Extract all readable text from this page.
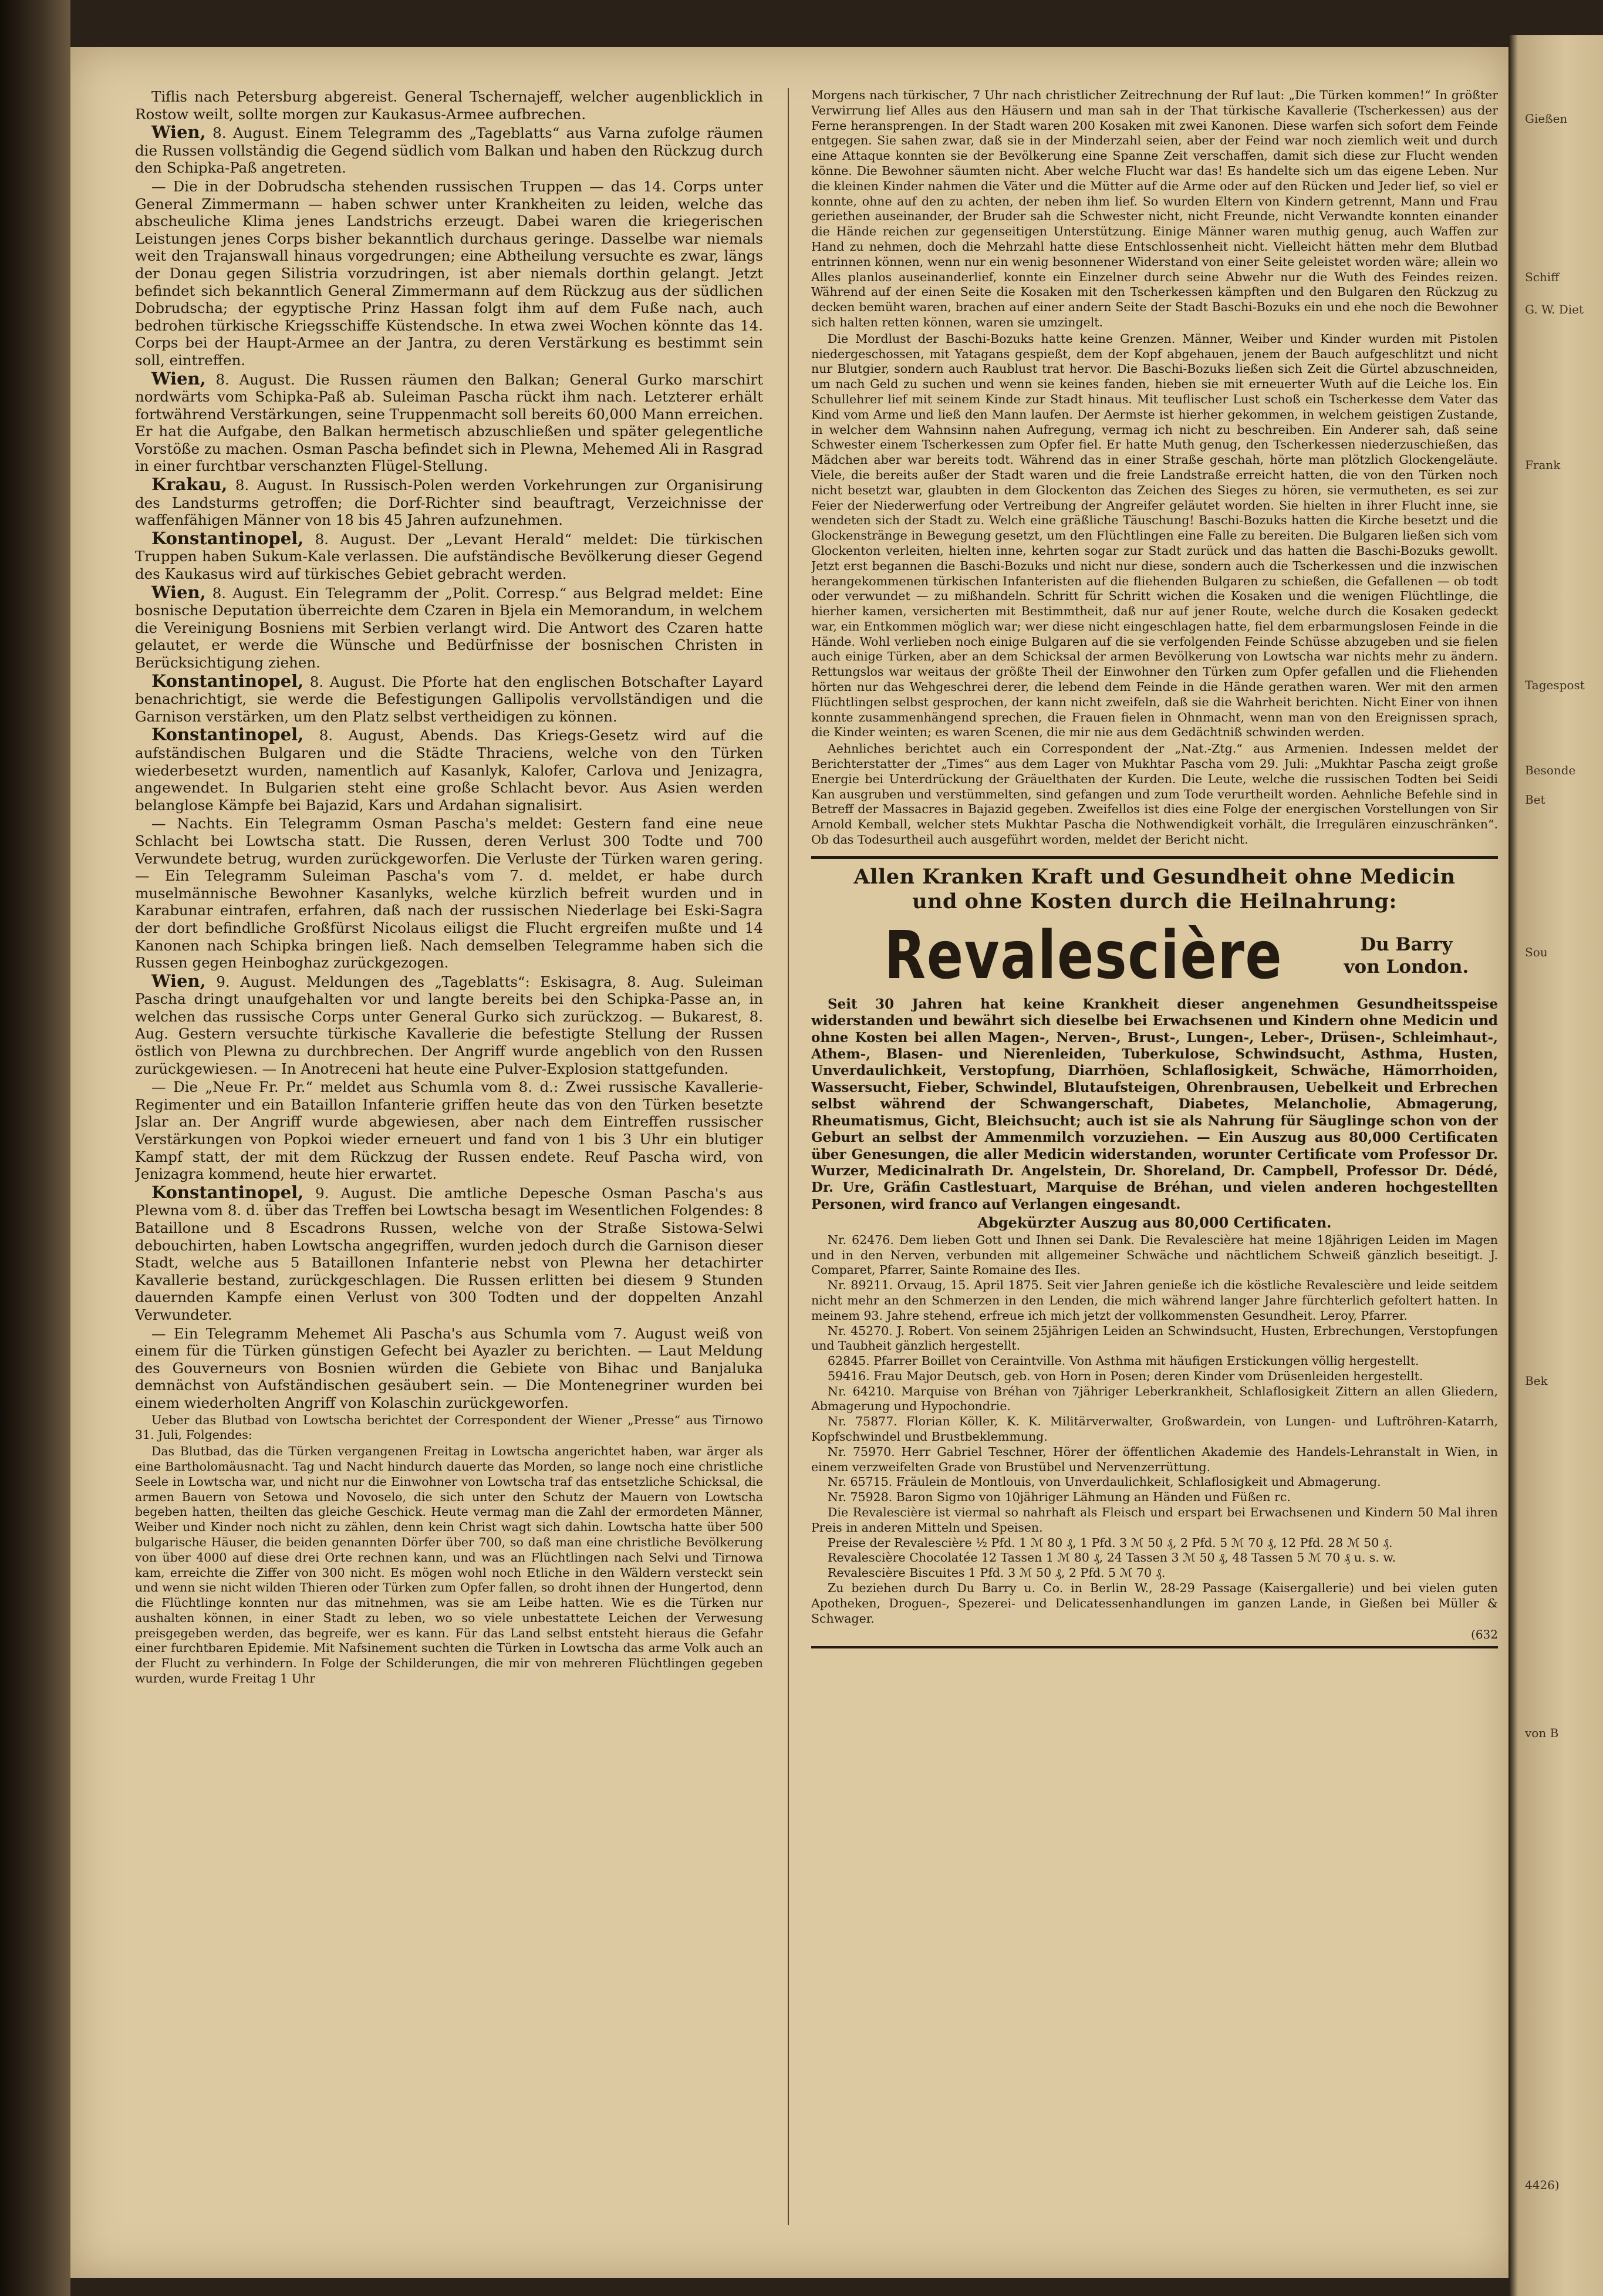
Tiflis nach Petersburg abgereist. General Tschernajeff, welcher augenblicklich in Rostow weilt, sollte morgen zur Kaukasus-Armee aufbrechen.

Wien, 8. August. Einem Telegramm des „Tageblatts“ aus Varna zufolge räumen die Russen vollständig die Gegend südlich vom Balkan und haben den Rückzug durch den Schipka-Paß angetreten.

— Die in der Dobrudscha stehenden russischen Truppen — das 14. Corps unter General Zimmermann — haben schwer unter Krankheiten zu leiden, welche das abscheuliche Klima jenes Landstrichs erzeugt. Dabei waren die kriegerischen Leistungen jenes Corps bisher bekanntlich durchaus geringe. Dasselbe war niemals weit den Trajanswall hinaus vorgedrungen; eine Abtheilung versuchte es zwar, längs der Donau gegen Silistria vorzudringen, ist aber niemals dorthin gelangt. Jetzt befindet sich bekanntlich General Zimmermann auf dem Rückzug aus der südlichen Dobrudscha; der egyptische Prinz Hassan folgt ihm auf dem Fuße nach, auch bedrohen türkische Kriegsschiffe Küstendsche. In etwa zwei Wochen könnte das 14. Corps bei der Haupt-Armee an der Jantra, zu deren Verstärkung es bestimmt sein soll, eintreffen.

Wien, 8. August. Die Russen räumen den Balkan; General Gurko marschirt nordwärts vom Schipka-Paß ab. Suleiman Pascha rückt ihm nach. Letzterer erhält fortwährend Verstärkungen, seine Truppenmacht soll bereits 60,000 Mann erreichen. Er hat die Aufgabe, den Balkan hermetisch abzuschließen und später gelegentliche Vorstöße zu machen. Osman Pascha befindet sich in Plewna, Mehemed Ali in Rasgrad in einer furchtbar verschanzten Flügel-Stellung.

Krakau, 8. August. In Russisch-Polen werden Vorkehrungen zur Organisirung des Landsturms getroffen; die Dorf-Richter sind beauftragt, Verzeichnisse der waffenfähigen Männer von 18 bis 45 Jahren aufzunehmen.

Konstantinopel, 8. August. Der „Levant Herald“ meldet: Die türkischen Truppen haben Sukum-Kale verlassen. Die aufständische Bevölkerung dieser Gegend des Kaukasus wird auf türkisches Gebiet gebracht werden.

Wien, 8. August. Ein Telegramm der „Polit. Corresp.“ aus Belgrad meldet: Eine bosnische Deputation überreichte dem Czaren in Bjela ein Memorandum, in welchem die Vereinigung Bosniens mit Serbien verlangt wird. Die Antwort des Czaren hatte gelautet, er werde die Wünsche und Bedürfnisse der bosnischen Christen in Berücksichtigung ziehen.

Konstantinopel, 8. August. Die Pforte hat den englischen Botschafter Layard benachrichtigt, sie werde die Befestigungen Gallipolis vervollständigen und die Garnison verstärken, um den Platz selbst vertheidigen zu können.

Konstantinopel, 8. August, Abends. Das Kriegs-Gesetz wird auf die aufständischen Bulgaren und die Städte Thraciens, welche von den Türken wiederbesetzt wurden, namentlich auf Kasanlyk, Kalofer, Carlova und Jenizagra, angewendet. In Bulgarien steht eine große Schlacht bevor. Aus Asien werden belanglose Kämpfe bei Bajazid, Kars und Ardahan signalisirt.

— Nachts. Ein Telegramm Osman Pascha's meldet: Gestern fand eine neue Schlacht bei Lowtscha statt. Die Russen, deren Verlust 300 Todte und 700 Verwundete betrug, wurden zurückgeworfen. Die Verluste der Türken waren gering. — Ein Telegramm Suleiman Pascha's vom 7. d. meldet, er habe durch muselmännische Bewohner Kasanlyks, welche kürzlich befreit wurden und in Karabunar eintrafen, erfahren, daß nach der russischen Niederlage bei Eski-Sagra der dort befindliche Großfürst Nicolaus eiligst die Flucht ergreifen mußte und 14 Kanonen nach Schipka bringen ließ. Nach demselben Telegramme haben sich die Russen gegen Heinboghaz zurückgezogen.

Wien, 9. August. Meldungen des „Tageblatts“: Eskisagra, 8. Aug. Suleiman Pascha dringt unaufgehalten vor und langte bereits bei den Schipka-Passe an, in welchen das russische Corps unter General Gurko sich zurückzog. — Bukarest, 8. Aug. Gestern versuchte türkische Kavallerie die befestigte Stellung der Russen östlich von Plewna zu durchbrechen. Der Angriff wurde angeblich von den Russen zurückgewiesen. — In Anotreceni hat heute eine Pulver-Explosion stattgefunden.

— Die „Neue Fr. Pr.“ meldet aus Schumla vom 8. d.: Zwei russische Kavallerie-Regimenter und ein Bataillon Infanterie griffen heute das von den Türken besetzte Jslar an. Der Angriff wurde abgewiesen, aber nach dem Eintreffen russischer Verstärkungen von Popkoi wieder erneuert und fand von 1 bis 3 Uhr ein blutiger Kampf statt, der mit dem Rückzug der Russen endete. Reuf Pascha wird, von Jenizagra kommend, heute hier erwartet.

Konstantinopel, 9. August. Die amtliche Depesche Osman Pascha's aus Plewna vom 8. d. über das Treffen bei Lowtscha besagt im Wesentlichen Folgendes: 8 Bataillone und 8 Escadrons Russen, welche von der Straße Sistowa-Selwi debouchirten, haben Lowtscha angegriffen, wurden jedoch durch die Garnison dieser Stadt, welche aus 5 Bataillonen Infanterie nebst von Plewna her detachirter Kavallerie bestand, zurückgeschlagen. Die Russen erlitten bei diesem 9 Stunden dauernden Kampfe einen Verlust von 300 Todten und der doppelten Anzahl Verwundeter.

— Ein Telegramm Mehemet Ali Pascha's aus Schumla vom 7. August weiß von einem für die Türken günstigen Gefecht bei Ayazler zu berichten. — Laut Meldung des Gouverneurs von Bosnien würden die Gebiete von Bihac und Banjaluka demnächst von Aufständischen gesäubert sein. — Die Montenegriner wurden bei einem wiederholten Angriff von Kolaschin zurückgeworfen.

Ueber das Blutbad von Lowtscha berichtet der Correspondent der Wiener „Presse“ aus Tirnowo 31. Juli, Folgendes:

Das Blutbad, das die Türken vergangenen Freitag in Lowtscha angerichtet haben, war ärger als eine Bartholomäusnacht. Tag und Nacht hindurch dauerte das Morden, so lange noch eine christliche Seele in Lowtscha war, und nicht nur die Einwohner von Lowtscha traf das entsetzliche Schicksal, die armen Bauern von Setowa und Novoselo, die sich unter den Schutz der Mauern von Lowtscha begeben hatten, theilten das gleiche Geschick. Heute vermag man die Zahl der ermordeten Männer, Weiber und Kinder noch nicht zu zählen, denn kein Christ wagt sich dahin. Lowtscha hatte über 500 bulgarische Häuser, die beiden genannten Dörfer über 700, so daß man eine christliche Bevölkerung von über 4000 auf diese drei Orte rechnen kann, und was an Flüchtlingen nach Selvi und Tirnowa kam, erreichte die Ziffer von 300 nicht. Es mögen wohl noch Etliche in den Wäldern versteckt sein und wenn sie nicht wilden Thieren oder Türken zum Opfer fallen, so droht ihnen der Hungertod, denn die Flüchtlinge konnten nur das mitnehmen, was sie am Leibe hatten. Wie es die Türken nur aushalten können, in einer Stadt zu leben, wo so viele unbestattete Leichen der Verwesung preisgegeben werden, das begreife, wer es kann. Für das Land selbst entsteht hieraus die Gefahr einer furchtbaren Epidemie. Mit Nafsinement suchten die Türken in Lowtscha das arme Volk auch an der Flucht zu verhindern. In Folge der Schilderungen, die mir von mehreren Flüchtlingen gegeben wurden, wurde Freitag 1 Uhr

Morgens nach türkischer, 7 Uhr nach christlicher Zeitrechnung der Ruf laut: „Die Türken kommen!“ In größter Verwirrung lief Alles aus den Häusern und man sah in der That türkische Kavallerie (Tscherkessen) aus der Ferne heransprengen. In der Stadt waren 200 Kosaken mit zwei Kanonen. Diese warfen sich sofort dem Feinde entgegen. Sie sahen zwar, daß sie in der Minderzahl seien, aber der Feind war noch ziemlich weit und durch eine Attaque konnten sie der Bevölkerung eine Spanne Zeit verschaffen, damit sich diese zur Flucht wenden könne. Die Bewohner säumten nicht. Aber welche Flucht war das! Es handelte sich um das eigene Leben. Nur die kleinen Kinder nahmen die Väter und die Mütter auf die Arme oder auf den Rücken und Jeder lief, so viel er konnte, ohne auf den zu achten, der neben ihm lief. So wurden Eltern von Kindern getrennt, Mann und Frau geriethen auseinander, der Bruder sah die Schwester nicht, nicht Freunde, nicht Verwandte konnten einander die Hände reichen zur gegenseitigen Unterstützung. Einige Männer waren muthig genug, auch Waffen zur Hand zu nehmen, doch die Mehrzahl hatte diese Entschlossenheit nicht. Vielleicht hätten mehr dem Blutbad entrinnen können, wenn nur ein wenig besonnener Widerstand von einer Seite geleistet worden wäre; allein wo Alles planlos auseinanderlief, konnte ein Einzelner durch seine Abwehr nur die Wuth des Feindes reizen. Während auf der einen Seite die Kosaken mit den Tscherkessen kämpften und den Bulgaren den Rückzug zu decken bemüht waren, brachen auf einer andern Seite der Stadt Baschi-Bozuks ein und ehe noch die Bewohner sich halten retten können, waren sie umzingelt.

Die Mordlust der Baschi-Bozuks hatte keine Grenzen. Männer, Weiber und Kinder wurden mit Pistolen niedergeschossen, mit Yatagans gespießt, dem der Kopf abgehauen, jenem der Bauch aufgeschlitzt und nicht nur Blutgier, sondern auch Raublust trat hervor. Die Baschi-Bozuks ließen sich Zeit die Gürtel abzuschneiden, um nach Geld zu suchen und wenn sie keines fanden, hieben sie mit erneuerter Wuth auf die Leiche los. Ein Schullehrer lief mit seinem Kinde zur Stadt hinaus. Mit teuflischer Lust schoß ein Tscherkesse dem Vater das Kind vom Arme und ließ den Mann laufen. Der Aermste ist hierher gekommen, in welchem geistigen Zustande, in welcher dem Wahnsinn nahen Aufregung, vermag ich nicht zu beschreiben. Ein Anderer sah, daß seine Schwester einem Tscherkessen zum Opfer fiel. Er hatte Muth genug, den Tscherkessen niederzuschießen, das Mädchen aber war bereits todt. Während das in einer Straße geschah, hörte man plötzlich Glockengeläute. Viele, die bereits außer der Stadt waren und die freie Landstraße erreicht hatten, die von den Türken noch nicht besetzt war, glaubten in dem Glockenton das Zeichen des Sieges zu hören, sie vermutheten, es sei zur Feier der Niederwerfung oder Vertreibung der Angreifer geläutet worden. Sie hielten in ihrer Flucht inne, sie wendeten sich der Stadt zu. Welch eine gräßliche Täuschung! Baschi-Bozuks hatten die Kirche besetzt und die Glockenstränge in Bewegung gesetzt, um den Flüchtlingen eine Falle zu bereiten. Die Bulgaren ließen sich vom Glockenton verleiten, hielten inne, kehrten sogar zur Stadt zurück und das hatten die Baschi-Bozuks gewollt. Jetzt erst begannen die Baschi-Bozuks und nicht nur diese, sondern auch die Tscherkessen und die inzwischen herangekommenen türkischen Infanteristen auf die fliehenden Bulgaren zu schießen, die Gefallenen — ob todt oder verwundet — zu mißhandeln. Schritt für Schritt wichen die Kosaken und die wenigen Flüchtlinge, die hierher kamen, versicherten mit Bestimmtheit, daß nur auf jener Route, welche durch die Kosaken gedeckt war, ein Entkommen möglich war; wer diese nicht eingeschlagen hatte, fiel dem erbarmungslosen Feinde in die Hände. Wohl verlieben noch einige Bulgaren auf die sie verfolgenden Feinde Schüsse abzugeben und sie fielen auch einige Türken, aber an dem Schicksal der armen Bevölkerung von Lowtscha war nichts mehr zu ändern. Rettungslos war weitaus der größte Theil der Einwohner den Türken zum Opfer gefallen und die Fliehenden hörten nur das Wehgeschrei derer, die lebend dem Feinde in die Hände gerathen waren. Wer mit den armen Flüchtlingen selbst gesprochen, der kann nicht zweifeln, daß sie die Wahrheit berichten. Nicht Einer von ihnen konnte zusammenhängend sprechen, die Frauen fielen in Ohnmacht, wenn man von den Ereignissen sprach, die Kinder weinten; es waren Scenen, die mir nie aus dem Gedächtniß schwinden werden.

Aehnliches berichtet auch ein Correspondent der „Nat.-Ztg.“ aus Armenien. Indessen meldet der Berichterstatter der „Times“ aus dem Lager von Mukhtar Pascha vom 29. Juli: „Mukhtar Pascha zeigt große Energie bei Unterdrückung der Gräuelthaten der Kurden. Die Leute, welche die russischen Todten bei Seidi Kan ausgruben und verstümmelten, sind gefangen und zum Tode verurtheilt worden. Aehnliche Befehle sind in Betreff der Massacres in Bajazid gegeben. Zweifellos ist dies eine Folge der energischen Vorstellungen von Sir Arnold Kemball, welcher stets Mukhtar Pascha die Nothwendigkeit vorhält, die Irregulären einzuschränken“. Ob das Todesurtheil auch ausgeführt worden, meldet der Bericht nicht.

Allen Kranken Kraft und Gesundheit ohne Medicin
und ohne Kosten durch die Heilnahrung:
Revalescière	Du Barry
von London.

Seit 30 Jahren hat keine Krankheit dieser angenehmen Gesundheitsspeise widerstanden und bewährt sich dieselbe bei Erwachsenen und Kindern ohne Medicin und ohne Kosten bei allen Magen-, Nerven-, Brust-, Lungen-, Leber-, Drüsen-, Schleimhaut-, Athem-, Blasen- und Nierenleiden, Tuberkulose, Schwindsucht, Asthma, Husten, Unverdaulichkeit, Verstopfung, Diarrhöen, Schlaflosigkeit, Schwäche, Hämorrhoiden, Wassersucht, Fieber, Schwindel, Blutaufsteigen, Ohrenbrausen, Uebelkeit und Erbrechen selbst während der Schwangerschaft, Diabetes, Melancholie, Abmagerung, Rheumatismus, Gicht, Bleichsucht; auch ist sie als Nahrung für Säuglinge schon von der Geburt an selbst der Ammenmilch vorzuziehen. — Ein Auszug aus 80,000 Certificaten über Genesungen, die aller Medicin widerstanden, worunter Certificate vom Professor Dr. Wurzer, Medicinalrath Dr. Angelstein, Dr. Shoreland, Dr. Campbell, Professor Dr. Dédé, Dr. Ure, Gräfin Castlestuart, Marquise de Bréhan, und vielen anderen hochgestellten Personen, wird franco auf Verlangen eingesandt.

Abgekürzter Auszug aus 80,000 Certificaten.

Nr. 62476. Dem lieben Gott und Ihnen sei Dank. Die Revalescière hat meine 18jährigen Leiden im Magen und in den Nerven, verbunden mit allgemeiner Schwäche und nächtlichem Schweiß gänzlich beseitigt. J. Comparet, Pfarrer, Sainte Romaine des Iles.

Nr. 89211. Orvaug, 15. April 1875. Seit vier Jahren genieße ich die köstliche Revalescière und leide seitdem nicht mehr an den Schmerzen in den Lenden, die mich während langer Jahre fürchterlich gefoltert hatten. In meinem 93. Jahre stehend, erfreue ich mich jetzt der vollkommensten Gesundheit. Leroy, Pfarrer.

Nr. 45270. J. Robert. Von seinem 25jährigen Leiden an Schwindsucht, Husten, Erbrechungen, Verstopfungen und Taubheit gänzlich hergestellt.

62845. Pfarrer Boillet von Ceraintville. Von Asthma mit häufigen Erstickungen völlig hergestellt.

59416. Frau Major Deutsch, geb. von Horn in Posen; deren Kinder vom Drüsenleiden hergestellt.

Nr. 64210. Marquise von Bréhan von 7jähriger Leberkrankheit, Schlaflosigkeit Zittern an allen Gliedern, Abmagerung und Hypochondrie.

Nr. 75877. Florian Köller, K. K. Militärverwalter, Großwardein, von Lungen- und Luftröhren-Katarrh, Kopfschwindel und Brustbeklemmung.

Nr. 75970. Herr Gabriel Teschner, Hörer der öffentlichen Akademie des Handels-Lehranstalt in Wien, in einem verzweifelten Grade von Brustübel und Nervenzerrüttung.

Nr. 65715. Fräulein de Montlouis, von Unverdaulichkeit, Schlaflosigkeit und Abmagerung.

Nr. 75928. Baron Sigmo von 10jähriger Lähmung an Händen und Füßen rc.

Die Revalescière ist viermal so nahrhaft als Fleisch und erspart bei Erwachsenen und Kindern 50 Mal ihren Preis in anderen Mitteln und Speisen.

Preise der Revalescière ½ Pfd. 1 ℳ 80 ₰, 1 Pfd. 3 ℳ 50 ₰, 2 Pfd. 5 ℳ 70 ₰, 12 Pfd. 28 ℳ 50 ₰.

Revalescière Chocolatée 12 Tassen 1 ℳ 80 ₰, 24 Tassen 3 ℳ 50 ₰, 48 Tassen 5 ℳ 70 ₰ u. s. w.

Revalescière Biscuites 1 Pfd. 3 ℳ 50 ₰, 2 Pfd. 5 ℳ 70 ₰.

Zu beziehen durch Du Barry u. Co. in Berlin W., 28-29 Passage (Kaisergallerie) und bei vielen guten Apotheken, Droguen-, Spezerei- und Delicatessenhandlungen im ganzen Lande, in Gießen bei Müller & Schwager.

(632
Gießen
Schiff
G. W. Diet
Frank
Tagespost
Besonde
Bet
Sou
Bek
von B
4426)
